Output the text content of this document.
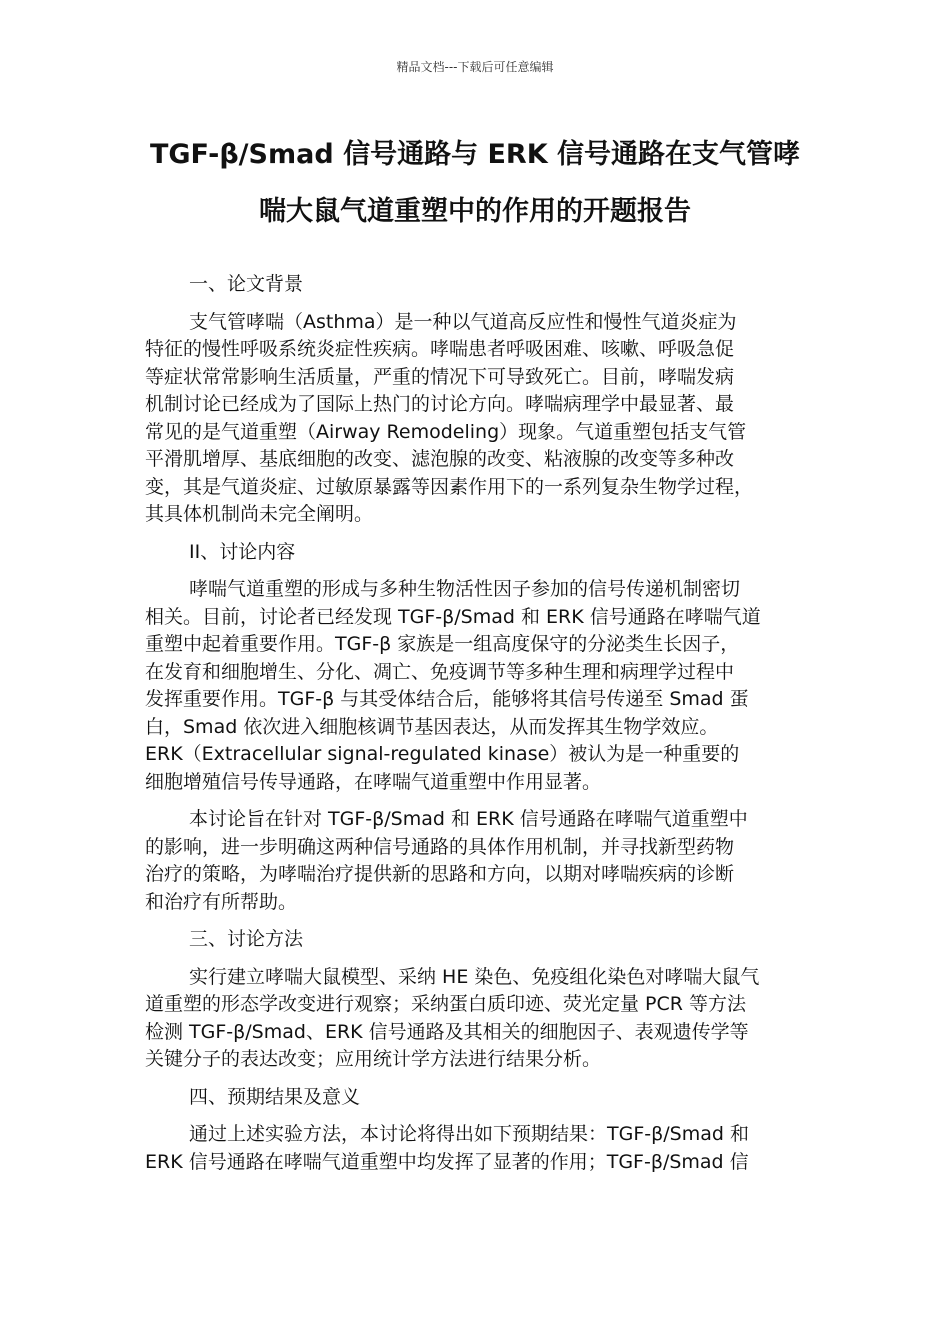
精品文档---下载后可任意编辑
TGF-β/Smad 信号通路与 ERK 信号通路在支气管哮
喘大鼠气道重塑中的作用的开题报告
一、论文背景
支气管哮喘（Asthma）是一种以气道高反应性和慢性气道炎症为
特征的慢性呼吸系统炎症性疾病。哮喘患者呼吸困难、咳嗽、呼吸急促
等症状常常影响生活质量，严重的情况下可导致死亡。目前，哮喘发病
机制讨论已经成为了国际上热门的讨论方向。哮喘病理学中最显著、最
常见的是气道重塑（Airway Remodeling）现象。气道重塑包括支气管
平滑肌增厚、基底细胞的改变、滤泡腺的改变、粘液腺的改变等多种改
变，其是气道炎症、过敏原暴露等因素作用下的一系列复杂生物学过程，
其具体机制尚未完全阐明。
II、讨论内容
哮喘气道重塑的形成与多种生物活性因子参加的信号传递机制密切
相关。目前，讨论者已经发现 TGF-β/Smad 和 ERK 信号通路在哮喘气道
重塑中起着重要作用。TGF-β 家族是一组高度保守的分泌类生长因子，
在发育和细胞增生、分化、凋亡、免疫调节等多种生理和病理学过程中
发挥重要作用。TGF-β 与其受体结合后，能够将其信号传递至 Smad 蛋
白，Smad 依次进入细胞核调节基因表达，从而发挥其生物学效应。
ERK（Extracellular signal-regulated kinase）被认为是一种重要的
细胞增殖信号传导通路，在哮喘气道重塑中作用显著。
本讨论旨在针对 TGF-β/Smad 和 ERK 信号通路在哮喘气道重塑中
的影响，进一步明确这两种信号通路的具体作用机制，并寻找新型药物
治疗的策略，为哮喘治疗提供新的思路和方向，以期对哮喘疾病的诊断
和治疗有所帮助。
三、讨论方法
实行建立哮喘大鼠模型、采纳 HE 染色、免疫组化染色对哮喘大鼠气
道重塑的形态学改变进行观察；采纳蛋白质印迹、荧光定量 PCR 等方法
检测 TGF-β/Smad、ERK 信号通路及其相关的细胞因子、表观遗传学等
关键分子的表达改变；应用统计学方法进行结果分析。
四、预期结果及意义
通过上述实验方法，本讨论将得出如下预期结果：TGF-β/Smad 和
ERK 信号通路在哮喘气道重塑中均发挥了显著的作用；TGF-β/Smad 信
